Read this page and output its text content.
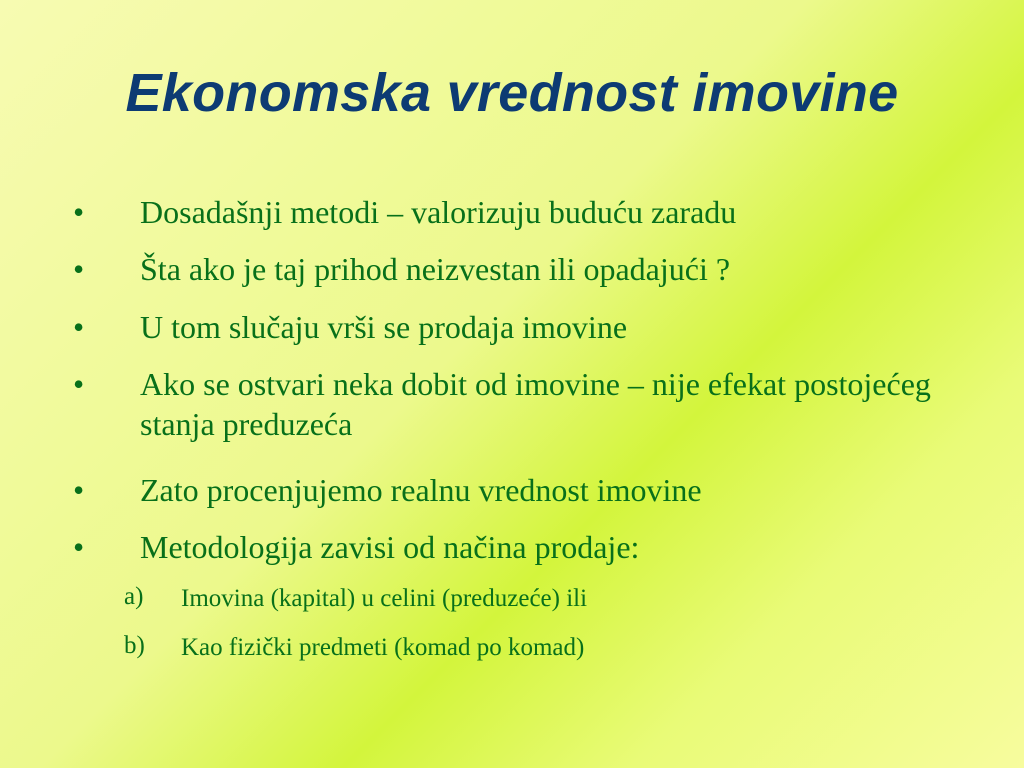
Ekonomska vrednost imovine
• Dosadašnji metodi – valorizuju buduću zaradu
• Šta ako je taj prihod neizvestan ili opadajući ?
• U tom slučaju vrši se prodaja imovine
• Ako se ostvari neka dobit od imovine – nije efekat postojećeg stanja preduzeća
• Zato procenjujemo realnu vrednost imovine
• Metodologija zavisi od načina prodaje:
a) Imovina (kapital) u celini (preduzeće) ili
b) Kao fizički predmeti (komad po komad)
